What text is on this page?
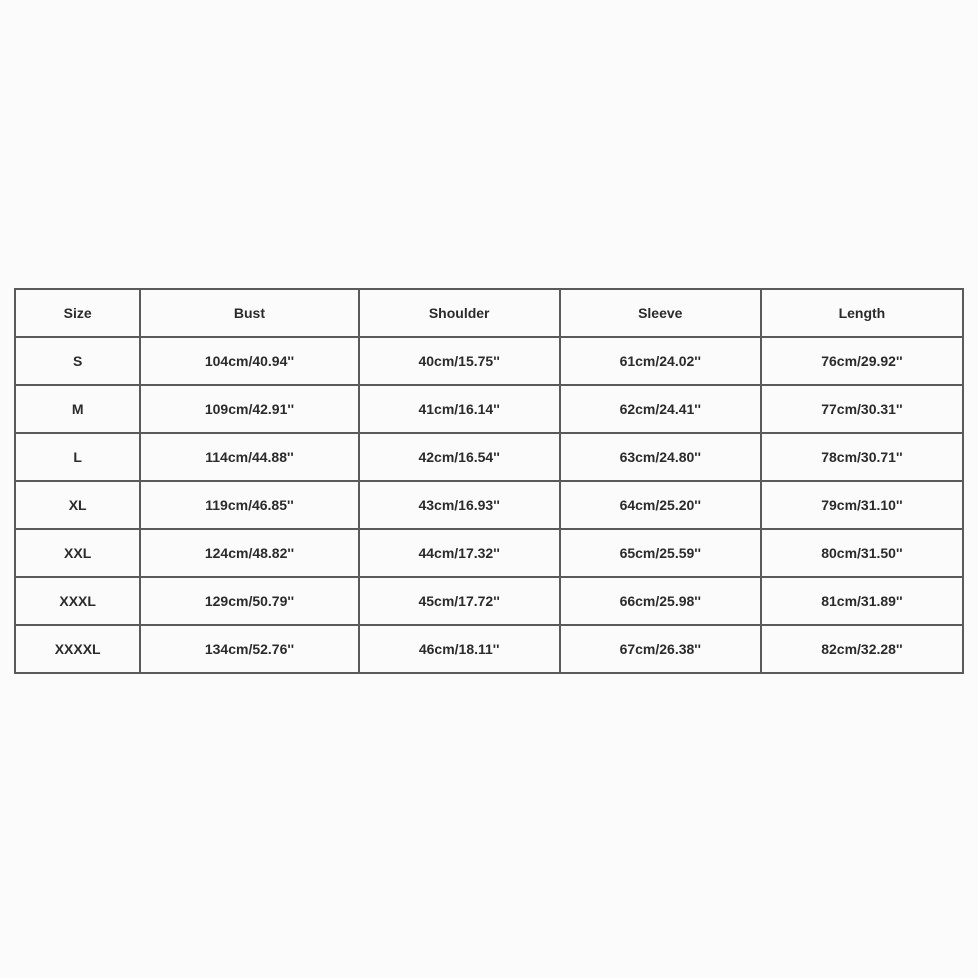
Size	Bust	Shoulder	Sleeve	Length
S	104cm/40.94''	40cm/15.75''	61cm/24.02''	76cm/29.92''
M	109cm/42.91''	41cm/16.14''	62cm/24.41''	77cm/30.31''
L	114cm/44.88''	42cm/16.54''	63cm/24.80''	78cm/30.71''
XL	119cm/46.85''	43cm/16.93''	64cm/25.20''	79cm/31.10''
XXL	124cm/48.82''	44cm/17.32''	65cm/25.59''	80cm/31.50''
XXXL	129cm/50.79''	45cm/17.72''	66cm/25.98''	81cm/31.89''
XXXXL	134cm/52.76''	46cm/18.11''	67cm/26.38''	82cm/32.28''
